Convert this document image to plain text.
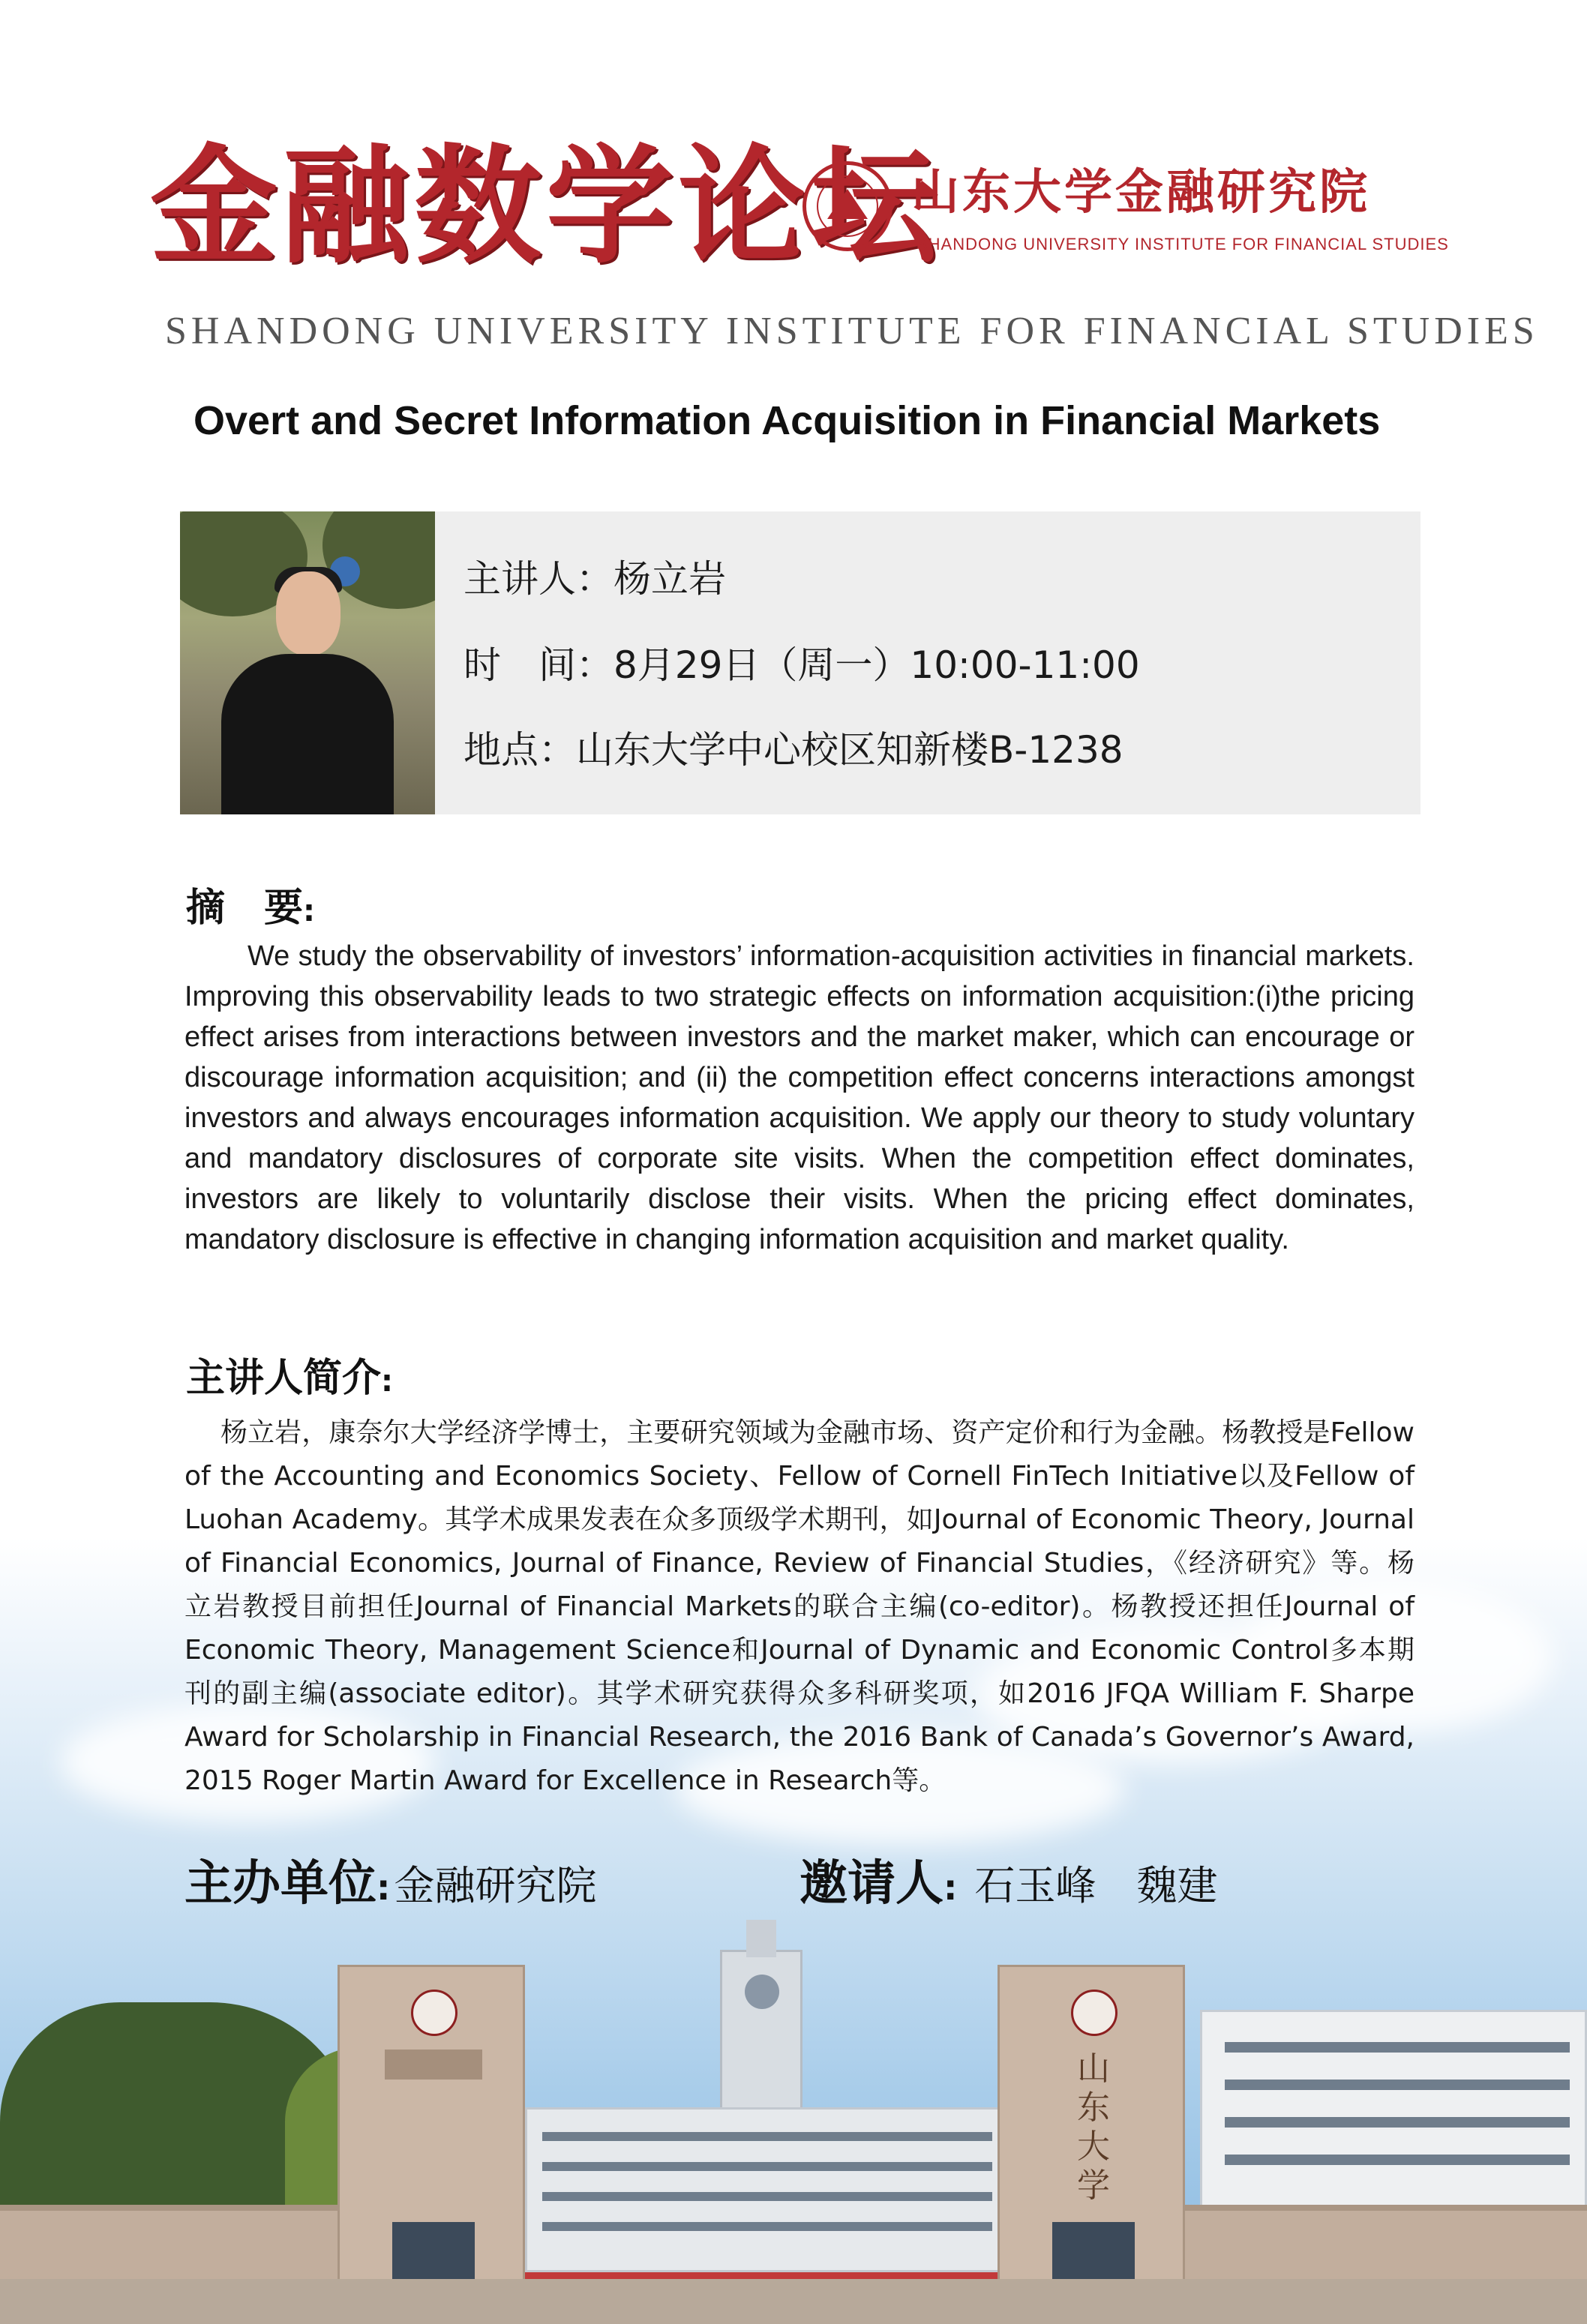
金融数学论坛
山东大学金融研究院
SHANDONG UNIVERSITY INSTITUTE FOR FINANCIAL STUDIES
SHANDONG UNIVERSITY INSTITUTE FOR FINANCIAL STUDIES
Overt and Secret Information Acquisition in Financial Markets
主讲人：杨立岩
时　间：8月29日（周一）10:00-11:00
地点：山东大学中心校区知新楼B-1238
摘　要:
We study the observability of investors’ information-acquisition activities in financial markets. Improving this observability leads to two strategic effects on information acquisition:(i)the pricing effect arises from interactions between investors and the market maker, which can encourage or discourage information acquisition; and (ii) the competition effect concerns interactions amongst investors and always encourages information acquisition. We apply our theory to study voluntary and mandatory disclosures of corporate site visits. When the competition effect dominates, investors are likely to voluntarily disclose their visits. When the pricing effect dominates, mandatory disclosure is effective in changing information acquisition and market quality.
主讲人简介:
杨立岩，康奈尔大学经济学博士，主要研究领域为金融市场、资产定价和行为金融。杨教授是Fellow of the Accounting and Economics Society、Fellow of Cornell FinTech Initiative以及Fellow of Luohan Academy。其学术成果发表在众多顶级学术期刊，如Journal of Economic Theory, Journal of Financial Economics, Journal of Finance, Review of Financial Studies，《经济研究》等。杨立岩教授目前担任Journal of Financial Markets的联合主编(co-editor)。杨教授还担任Journal of Economic Theory, Management Science和Journal of Dynamic and Economic Control多本期刊的副主编(associate editor)。其学术研究获得众多科研奖项，如2016 JFQA William F. Sharpe Award for Scholarship in Financial Research, the 2016 Bank of Canada’s Governor’s Award, 2015 Roger Martin Award for Excellence in Research等。
主办单位: 金融研究院	邀请人: 石玉峰　魏建
山东大学
